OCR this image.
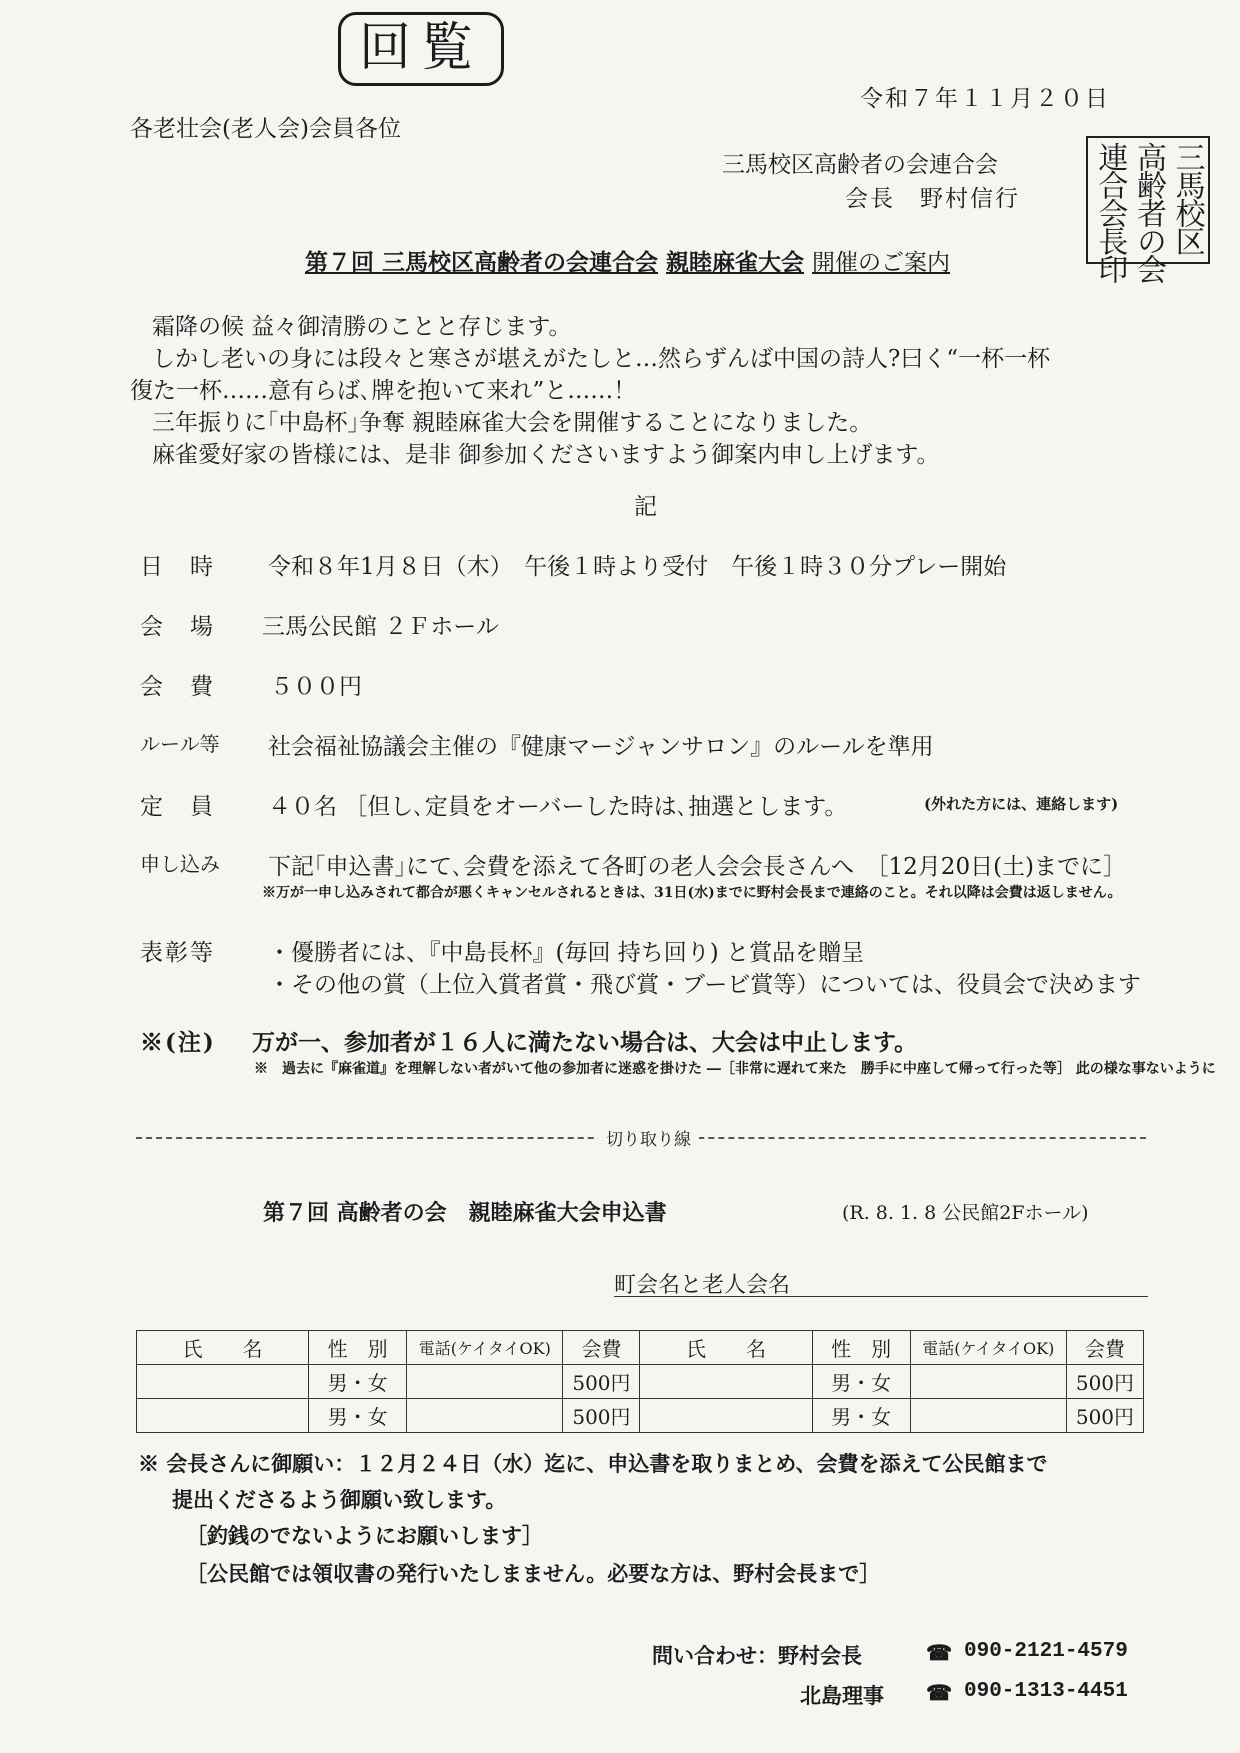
回覧
令和７年１１月２０日
各老壮会(老人会)会員各位
三馬校区高齢者の会連合会
会長　野村信行	三馬校区
高齢者の会
連合会長印
第７回 三馬校区高齢者の会連合会 親睦麻雀大会 開催のご案内
霜降の候 益々御清勝のことと存じます。
しかし老いの身には段々と寒さが堪えがたしと…然らずんば中国の詩人?曰く“一杯一杯
復た一杯……意有らば､牌を抱いて来れ”と……！
三年振りに｢中島杯｣争奪 親睦麻雀大会を開催することになりました。
麻雀愛好家の皆様には、是非 御参加くださいますよう御案内申し上げます。
記
日　時 令和８年1月８日（木）　午後１時より受付　午後１時３０分プレー開始
会　場 三馬公民館 ２Ｆホール
会　費 ５００円
ルール等 社会福祉協議会主催の『健康マージャンサロン』のルールを準用
定　員 ４０名 ［但し､定員をオーバーした時は､抽選とします。	(外れた方には、連絡します)
申し込み 下記｢申込書｣にて､会費を添えて各町の老人会会長さんへ　［12月20日(土)までに］
※万が一申し込みされて都合が悪くキャンセルされるときは、31日(水)までに野村会長まで連絡のこと。それ以降は会費は返しません。
表彰等 ・優勝者には、『中島長杯』(毎回 持ち回り) と賞品を贈呈
・その他の賞（上位入賞者賞・飛び賞・ブービ賞等）については、役員会で決めます
※(注) 万が一、参加者が１６人に満たない場合は、大会は中止します。
※　過去に『麻雀道』を理解しない者がいて他の参加者に迷惑を掛けた ―［非常に遅れて来た　勝手に中座して帰って行った等］ 此の様な事ないように
切り取り線
第７回 高齢者の会　親睦麻雀大会申込書	(R. 8. 1. 8 公民館2Fホール)
町会名と老人会名
氏　　名	性　別	電話(ケイタイOK)	会費	氏　　名	性　別	電話(ケイタイOK)	会費
	男・女		500円		男・女		500円
	男・女		500円		男・女		500円
※ 会長さんに御願い：１２月２４日（水）迄に、申込書を取りまとめ、会費を添えて公民館まで
提出くださるよう御願い致します。
［釣銭のでないようにお願いします］
［公民館では領収書の発行いたしまません。必要な方は、野村会長まで］
問い合わせ：野村会長	☎ 090-2121-4579
北島理事 ☎ 090-1313-4451
